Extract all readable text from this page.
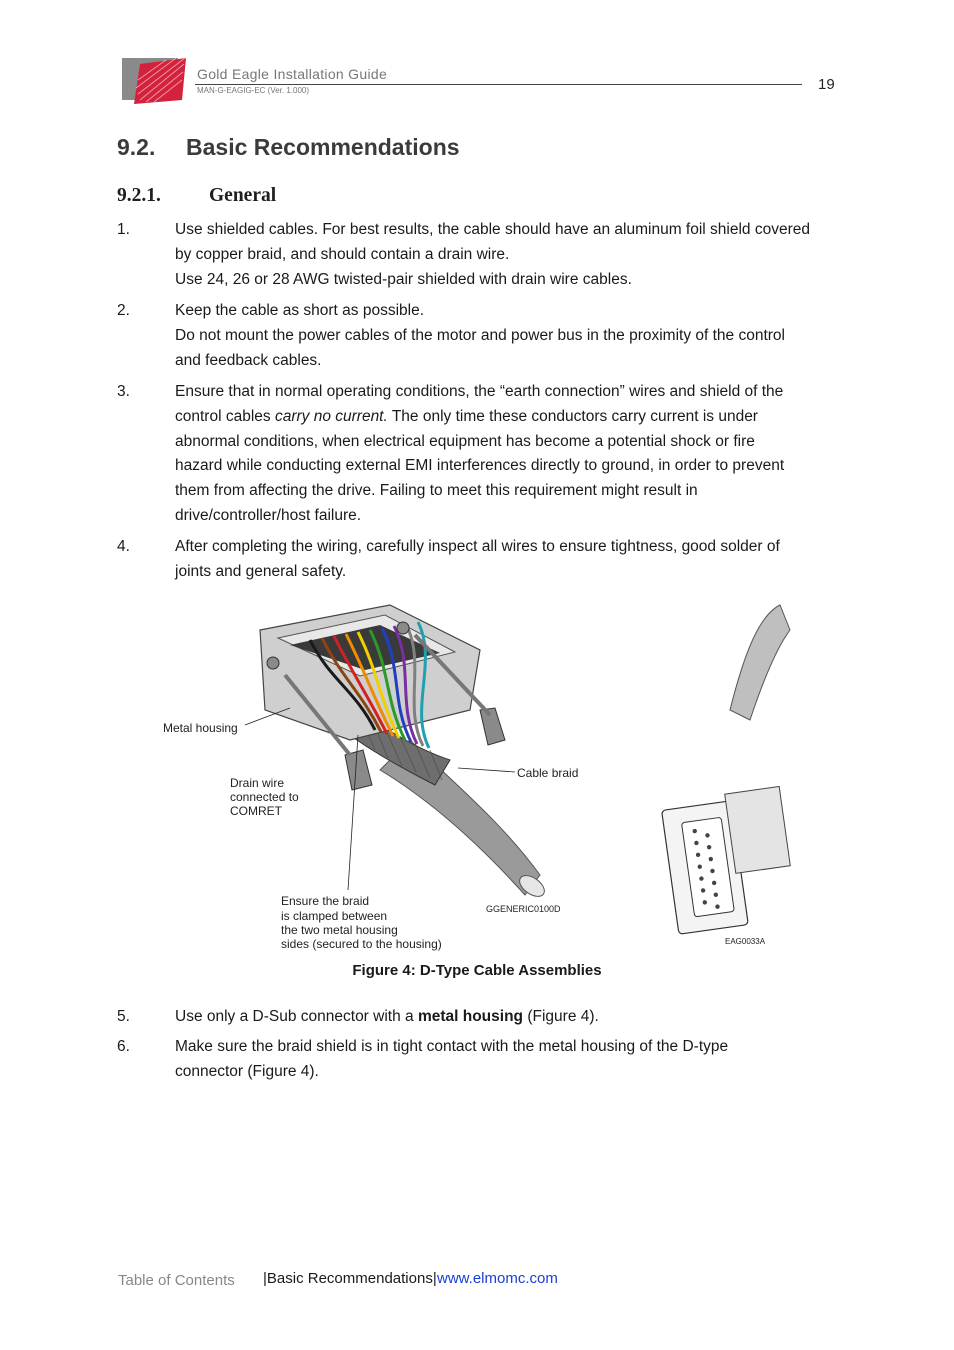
Gold Eagle Installation Guide
MAN-G-EAGIG-EC (Ver. 1.000)	19
9.2. Basic Recommendations
9.2.1. General
1.	Use shielded cables. For best results, the cable should have an aluminum foil shield covered
by copper braid, and should contain a drain wire.
Use 24, 26 or 28 AWG twisted-pair shielded with drain wire cables.
2.	Keep the cable as short as possible.
Do not mount the power cables of the motor and power bus in the proximity of the control
and feedback cables.
3.	Ensure that in normal operating conditions, the “earth connection” wires and shield of the
control cables carry no current. The only time these conductors carry current is under
abnormal conditions, when electrical equipment has become a potential shock or fire
hazard while conducting external EMI interferences directly to ground, in order to prevent
them from affecting the drive. Failing to meet this requirement might result in
drive/controller/host failure.
4.	After completing the wiring, carefully inspect all wires to ensure tightness, good solder of
joints and general safety.
Metal housing
Drain wire
connected to
COMRET
Cable braid
Ensure the braid
is clamped between
the two metal housing
sides (secured to the housing)
GGENERIC0100D
EAG0033A
Figure 4: D-Type Cable Assemblies
5.	Use only a D-Sub connector with a metal housing (Figure 4).
6.	Make sure the braid shield is in tight contact with the metal housing of the D-type
connector (Figure 4).
Table of Contents |Basic Recommendations| www.elmomc.com
